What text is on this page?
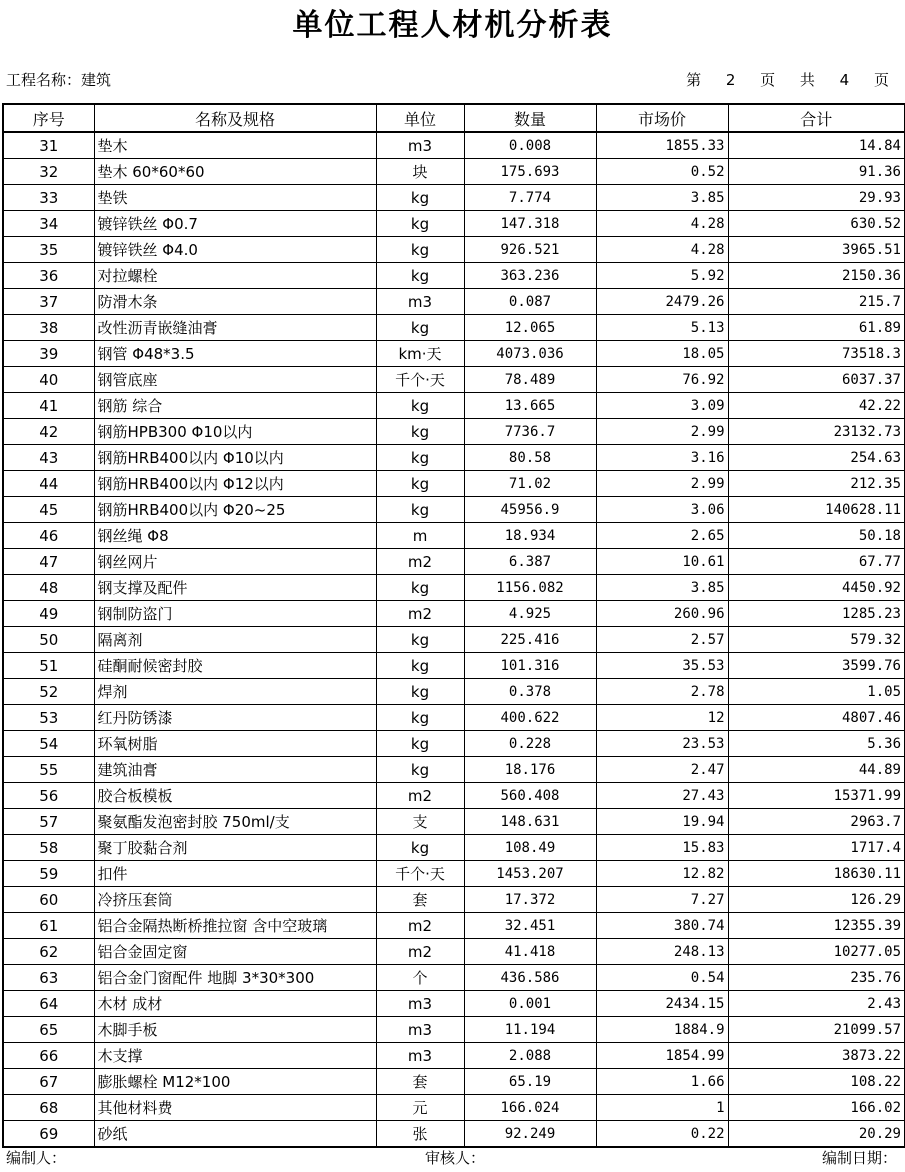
单位工程人材机分析表
工程名称：建筑	第 2 页 共 4 页
序号	名称及规格	单位	数量	市场价	合计
31	垫木	m3	0.008	1855.33	14.84
32	垫木 60*60*60	块	175.693	0.52	91.36
33	垫铁	kg	7.774	3.85	29.93
34	镀锌铁丝 Φ0.7	kg	147.318	4.28	630.52
35	镀锌铁丝 Φ4.0	kg	926.521	4.28	3965.51
36	对拉螺栓	kg	363.236	5.92	2150.36
37	防滑木条	m3	0.087	2479.26	215.7
38	改性沥青嵌缝油膏	kg	12.065	5.13	61.89
39	钢管 Φ48*3.5	km·天	4073.036	18.05	73518.3
40	钢管底座	千个·天	78.489	76.92	6037.37
41	钢筋 综合	kg	13.665	3.09	42.22
42	钢筋HPB300 Φ10以内	kg	7736.7	2.99	23132.73
43	钢筋HRB400以内 Φ10以内	kg	80.58	3.16	254.63
44	钢筋HRB400以内 Φ12以内	kg	71.02	2.99	212.35
45	钢筋HRB400以内 Φ20~25	kg	45956.9	3.06	140628.11
46	钢丝绳 Φ8	m	18.934	2.65	50.18
47	钢丝网片	m2	6.387	10.61	67.77
48	钢支撑及配件	kg	1156.082	3.85	4450.92
49	钢制防盗门	m2	4.925	260.96	1285.23
50	隔离剂	kg	225.416	2.57	579.32
51	硅酮耐候密封胶	kg	101.316	35.53	3599.76
52	焊剂	kg	0.378	2.78	1.05
53	红丹防锈漆	kg	400.622	12	4807.46
54	环氧树脂	kg	0.228	23.53	5.36
55	建筑油膏	kg	18.176	2.47	44.89
56	胶合板模板	m2	560.408	27.43	15371.99
57	聚氨酯发泡密封胶 750ml/支	支	148.631	19.94	2963.7
58	聚丁胶黏合剂	kg	108.49	15.83	1717.4
59	扣件	千个·天	1453.207	12.82	18630.11
60	冷挤压套筒	套	17.372	7.27	126.29
61	铝合金隔热断桥推拉窗 含中空玻璃	m2	32.451	380.74	12355.39
62	铝合金固定窗	m2	41.418	248.13	10277.05
63	铝合金门窗配件 地脚 3*30*300	个	436.586	0.54	235.76
64	木材 成材	m3	0.001	2434.15	2.43
65	木脚手板	m3	11.194	1884.9	21099.57
66	木支撑	m3	2.088	1854.99	3873.22
67	膨胀螺栓 M12*100	套	65.19	1.66	108.22
68	其他材料费	元	166.024	1	166.02
69	砂纸	张	92.249	0.22	20.29
编制人：	审核人：	编制日期：
